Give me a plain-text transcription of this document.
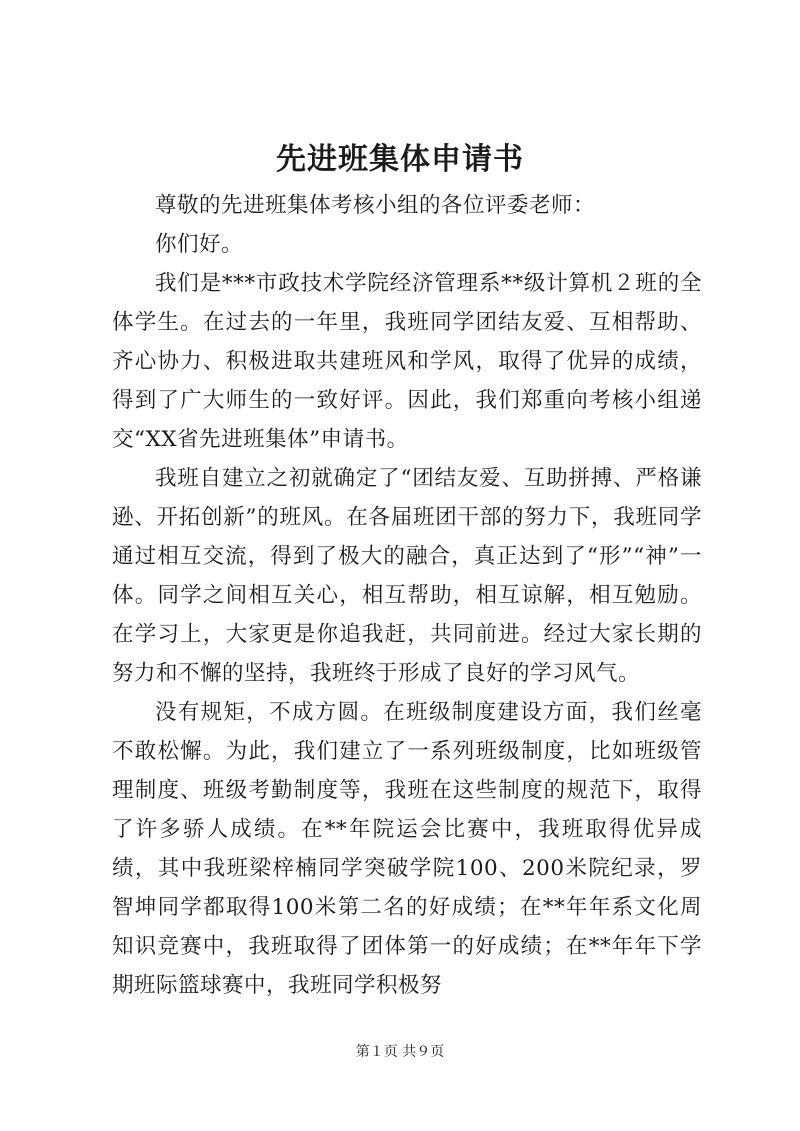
先进班集体申请书

尊敬的先进班集体考核小组的各位评委老师：

你们好。

我们是***市政技术学院经济管理系**级计算机２班的全体学生。在过去的一年里，我班同学团结友爱、互相帮助、齐心协力、积极进取共建班风和学风，取得了优异的成绩，得到了广大师生的一致好评。因此，我们郑重向考核小组递交“XX省先进班集体”申请书。

我班自建立之初就确定了“团结友爱、互助拼搏、严格谦逊、开拓创新”的班风。在各届班团干部的努力下，我班同学通过相互交流，得到了极大的融合，真正达到了“形”“神”一体。同学之间相互关心，相互帮助，相互谅解，相互勉励。在学习上，大家更是你追我赶，共同前进。经过大家长期的努力和不懈的坚持，我班终于形成了良好的学习风气。

没有规矩，不成方圆。在班级制度建设方面，我们丝毫不敢松懈。为此，我们建立了一系列班级制度，比如班级管理制度、班级考勤制度等，我班在这些制度的规范下，取得了许多骄人成绩。在**年院运会比赛中，我班取得优异成绩，其中我班梁梓楠同学突破学院100、200米院纪录，罗智坤同学都取得100米第二名的好成绩；在**年年系文化周知识竞赛中，我班取得了团体第一的好成绩；在**年年下学期班际篮球赛中，我班同学积极努

第１页 共９页
